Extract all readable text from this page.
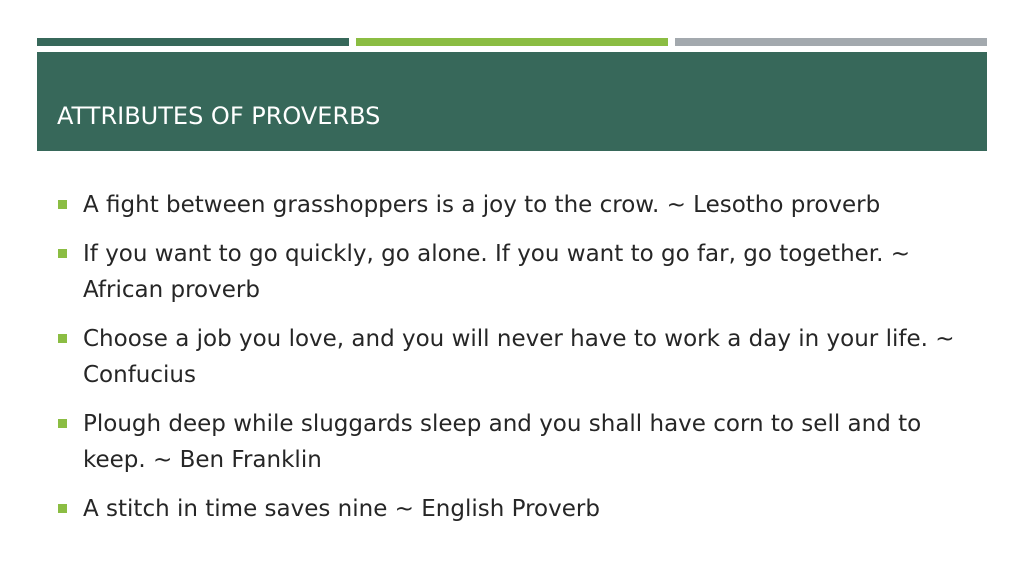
ATTRIBUTES OF PROVERBS
A fight between grasshoppers is a joy to the crow. ~ Lesotho proverb
If you want to go quickly, go alone. If you want to go far, go together. ~ African proverb
Choose a job you love, and you will never have to work a day in your life. ~ Confucius
Plough deep while sluggards sleep and you shall have corn to sell and to keep. ~ Ben Franklin
A stitch in time saves nine ~ English Proverb
